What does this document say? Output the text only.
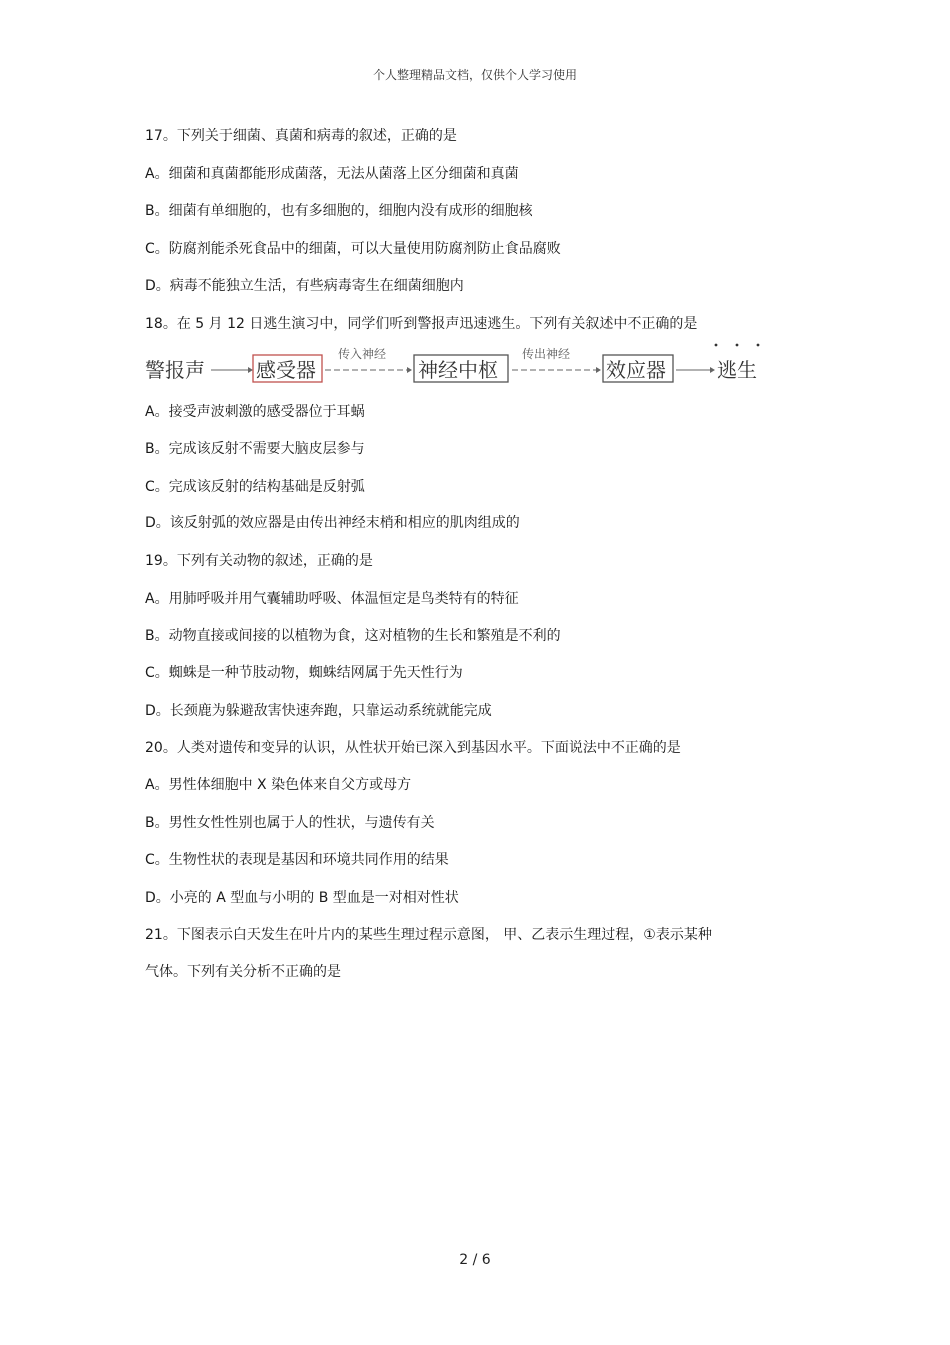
个人整理精品文档，仅供个人学习使用
17。下列关于细菌、真菌和病毒的叙述，正确的是
A。细菌和真菌都能形成菌落，无法从菌落上区分细菌和真菌
B。细菌有单细胞的，也有多细胞的，细胞内没有成形的细胞核
C。防腐剂能杀死食品中的细菌，可以大量使用防腐剂防止食品腐败
D。病毒不能独立生活，有些病毒寄生在细菌细胞内
18。在 5 月 12 日逃生演习中，同学们听到警报声迅速逃生。下列有关叙述中不正确的是
警报声	感受器
传入神经
神经中枢
传出神经
效应器	逃生
A。接受声波刺激的感受器位于耳蜗
B。完成该反射不需要大脑皮层参与
C。完成该反射的结构基础是反射弧
D。该反射弧的效应器是由传出神经末梢和相应的肌肉组成的
19。下列有关动物的叙述，正确的是
A。用肺呼吸并用气囊辅助呼吸、体温恒定是鸟类特有的特征
B。动物直接或间接的以植物为食，这对植物的生长和繁殖是不利的
C。蜘蛛是一种节肢动物，蜘蛛结网属于先天性行为
D。长颈鹿为躲避敌害快速奔跑，只靠运动系统就能完成
20。人类对遗传和变异的认识，从性状开始已深入到基因水平。下面说法中不正确的是
A。男性体细胞中 X 染色体来自父方或母方
B。男性女性性别也属于人的性状，与遗传有关
C。生物性状的表现是基因和环境共同作用的结果
D。小亮的 A 型血与小明的 B 型血是一对相对性状
21。下图表示白天发生在叶片内的某些生理过程示意图， 甲、乙表示生理过程，①表示某种
气体。下列有关分析不正确的是
2 / 6
